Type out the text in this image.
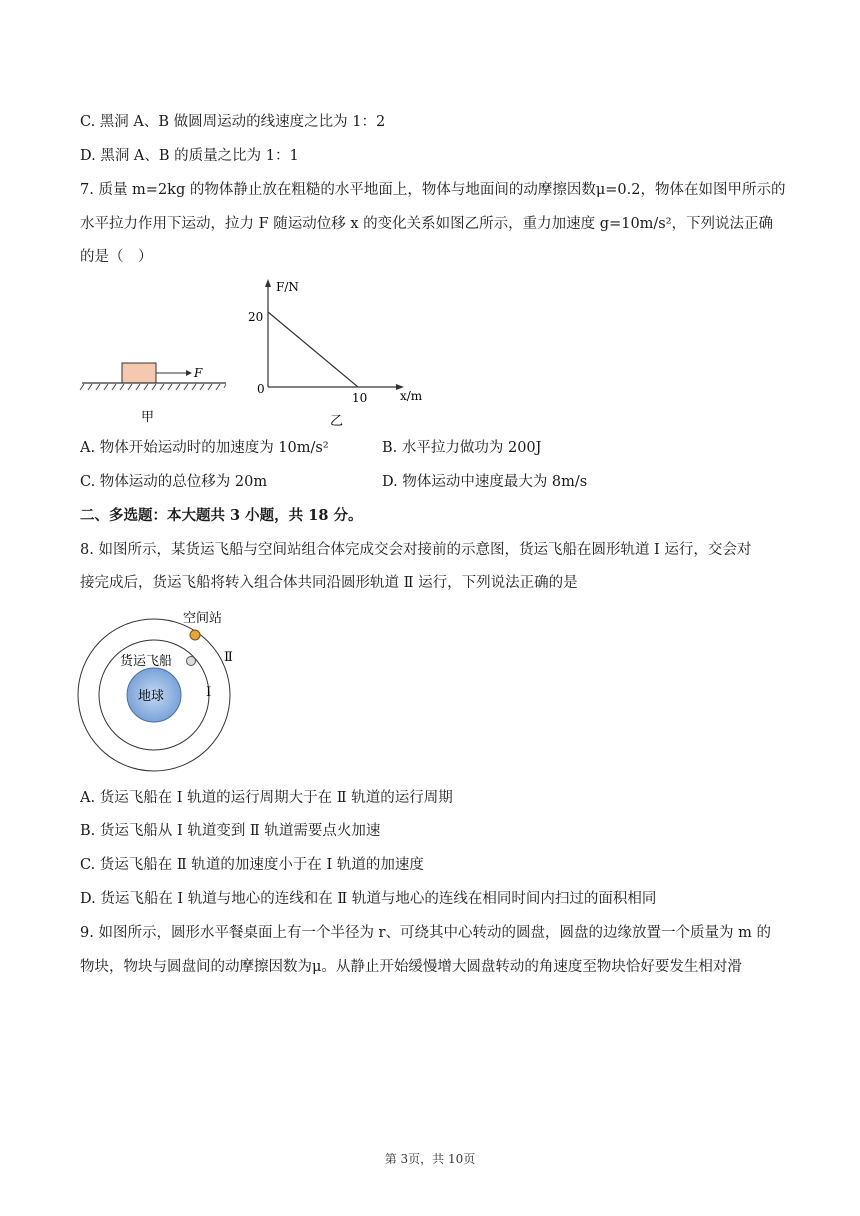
C. 黑洞 A、B 做圆周运动的线速度之比为 1：2
D. 黑洞 A、B 的质量之比为 1：1
7. 质量 m=2kg 的物体静止放在粗糙的水平地面上，物体与地面间的动摩擦因数μ=0.2，物体在如图甲所示的
水平拉力作用下运动，拉力 F 随运动位移 x 的变化关系如图乙所示，重力加速度 g=10m/s²，下列说法正确
的是（　）
F
甲
F/N
x/m
0
20
10
乙
A. 物体开始运动时的加速度为 10m/s²	B. 水平拉力做功为 200J
C. 物体运动的总位移为 20m	D. 物体运动中速度最大为 8m/s
二、多选题：本大题共 3 小题，共 18 分。
8. 如图所示，某货运飞船与空间站组合体完成交会对接前的示意图，货运飞船在圆形轨道 Ⅰ 运行，交会对
接完成后，货运飞船将转入组合体共同沿圆形轨道 Ⅱ 运行，下列说法正确的是
地球
空间站
货运飞船
Ⅰ
Ⅱ
A. 货运飞船在 Ⅰ 轨道的运行周期大于在 Ⅱ 轨道的运行周期
B. 货运飞船从 Ⅰ 轨道变到 Ⅱ 轨道需要点火加速
C. 货运飞船在 Ⅱ 轨道的加速度小于在 Ⅰ 轨道的加速度
D. 货运飞船在 Ⅰ 轨道与地心的连线和在 Ⅱ 轨道与地心的连线在相同时间内扫过的面积相同
9. 如图所示，圆形水平餐桌面上有一个半径为 r、可绕其中心转动的圆盘，圆盘的边缘放置一个质量为 m 的
物块，物块与圆盘间的动摩擦因数为μ。从静止开始缓慢增大圆盘转动的角速度至物块恰好要发生相对滑
第 3页，共 10页
